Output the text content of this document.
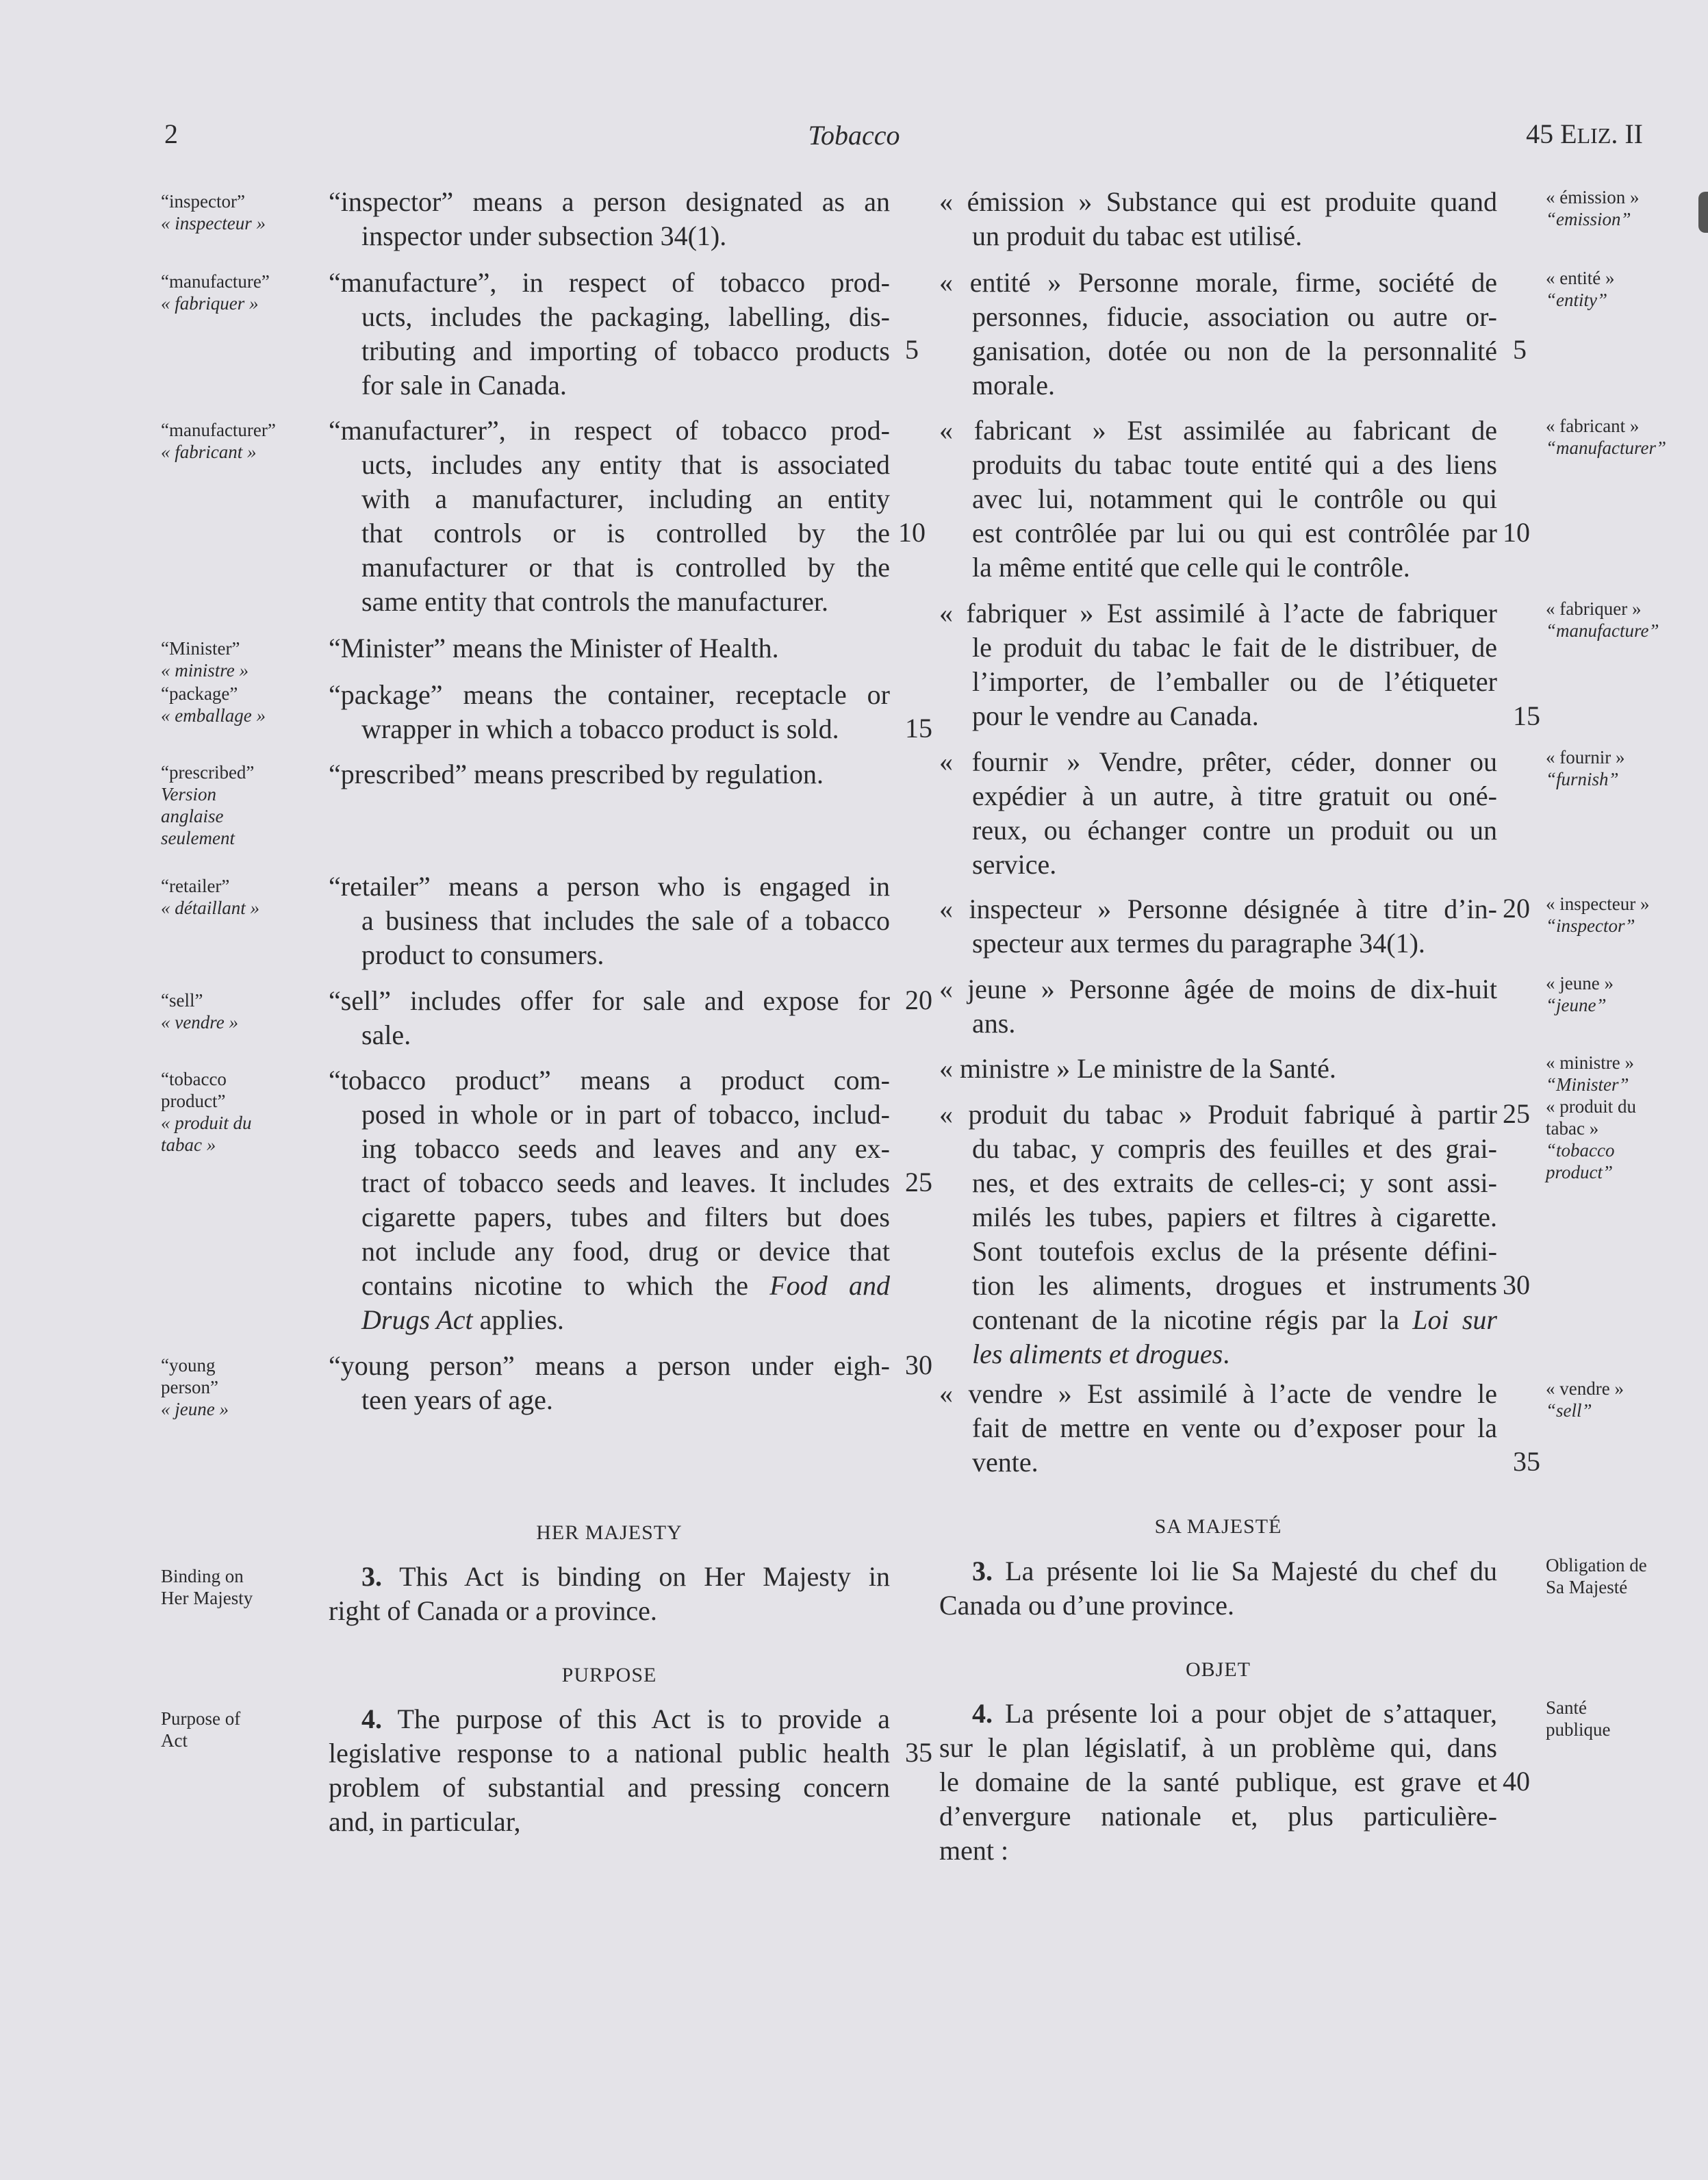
2	Tobacco	45 ELIZ. II
“inspector”
« inspecteur »
“manufacture”
« fabriquer »
“manufacturer”
« fabricant »
“Minister”
« ministre »
“package”
« emballage »
“prescribed”
Version
anglaise
seulement
“retailer”
« détaillant »
“sell”
« vendre »
“tobacco
product”
« produit du
tabac »
“young
person”
« jeune »
Binding on
Her Majesty
Purpose of
Act
“inspector” means a person designated as an
inspector under subsection 34(1).
“manufacture”, in respect of tobacco prod-
ucts, includes the packaging, labelling, dis-
tributing and importing of tobacco products
for sale in Canada.
“manufacturer”, in respect of tobacco prod-
ucts, includes any entity that is associated
with a manufacturer, including an entity
that controls or is controlled by the
manufacturer or that is controlled by the
same entity that controls the manufacturer.
“Minister” means the Minister of Health.
“package” means the container, receptacle or
wrapper in which a tobacco product is sold.
“prescribed” means prescribed by regulation.
“retailer” means a person who is engaged in
a business that includes the sale of a tobacco
product to consumers.
“sell” includes offer for sale and expose for
sale.
“tobacco product” means a product com-
posed in whole or in part of tobacco, includ-
ing tobacco seeds and leaves and any ex-
tract of tobacco seeds and leaves. It includes
cigarette papers, tubes and filters but does
not include any food, drug or device that
contains nicotine to which the Food and
Drugs Act applies.
“young person” means a person under eigh-
teen years of age.
HER MAJESTY
3. This Act is binding on Her Majesty in
right of Canada or a province.
PURPOSE
4. The purpose of this Act is to provide a
legislative response to a national public health
problem of substantial and pressing concern
and, in particular,
5
10
15
20
25
30
35
« émission »
“emission”
« entité »
“entity”
« fabricant »
“manufacturer”
« fabriquer »
“manufacture”
« fournir »
“furnish”
« inspecteur »
“inspector”
« jeune »
“jeune”
« ministre »
“Minister”
« produit du
tabac »
“tobacco
product”
« vendre »
“sell”
Obligation de
Sa Majesté
Santé
publique
« émission » Substance qui est produite quand
un produit du tabac est utilisé.
« entité » Personne morale, firme, société de
personnes, fiducie, association ou autre or-
ganisation, dotée ou non de la personnalité
morale.
« fabricant » Est assimilée au fabricant de
produits du tabac toute entité qui a des liens
avec lui, notamment qui le contrôle ou qui
est contrôlée par lui ou qui est contrôlée par
la même entité que celle qui le contrôle.
« fabriquer » Est assimilé à l’acte de fabriquer
le produit du tabac le fait de le distribuer, de
l’importer, de l’emballer ou de l’étiqueter
pour le vendre au Canada.
« fournir » Vendre, prêter, céder, donner ou
expédier à un autre, à titre gratuit ou oné-
reux, ou échanger contre un produit ou un
service.
« inspecteur » Personne désignée à titre d’in-
specteur aux termes du paragraphe 34(1).
« jeune » Personne âgée de moins de dix-huit
ans.
« ministre » Le ministre de la Santé.
« produit du tabac » Produit fabriqué à partir
du tabac, y compris des feuilles et des grai-
nes, et des extraits de celles-ci; y sont assi-
milés les tubes, papiers et filtres à cigarette.
Sont toutefois exclus de la présente défini-
tion les aliments, drogues et instruments
contenant de la nicotine régis par la Loi sur
les aliments et drogues.
« vendre » Est assimilé à l’acte de vendre le
fait de mettre en vente ou d’exposer pour la
vente.
SA MAJESTÉ
3. La présente loi lie Sa Majesté du chef du
Canada ou d’une province.
OBJET
4. La présente loi a pour objet de s’attaquer,
sur le plan législatif, à un problème qui, dans
le domaine de la santé publique, est grave et
d’envergure nationale et, plus particulière-
ment :
5
10
15
20
25
30
35
40
